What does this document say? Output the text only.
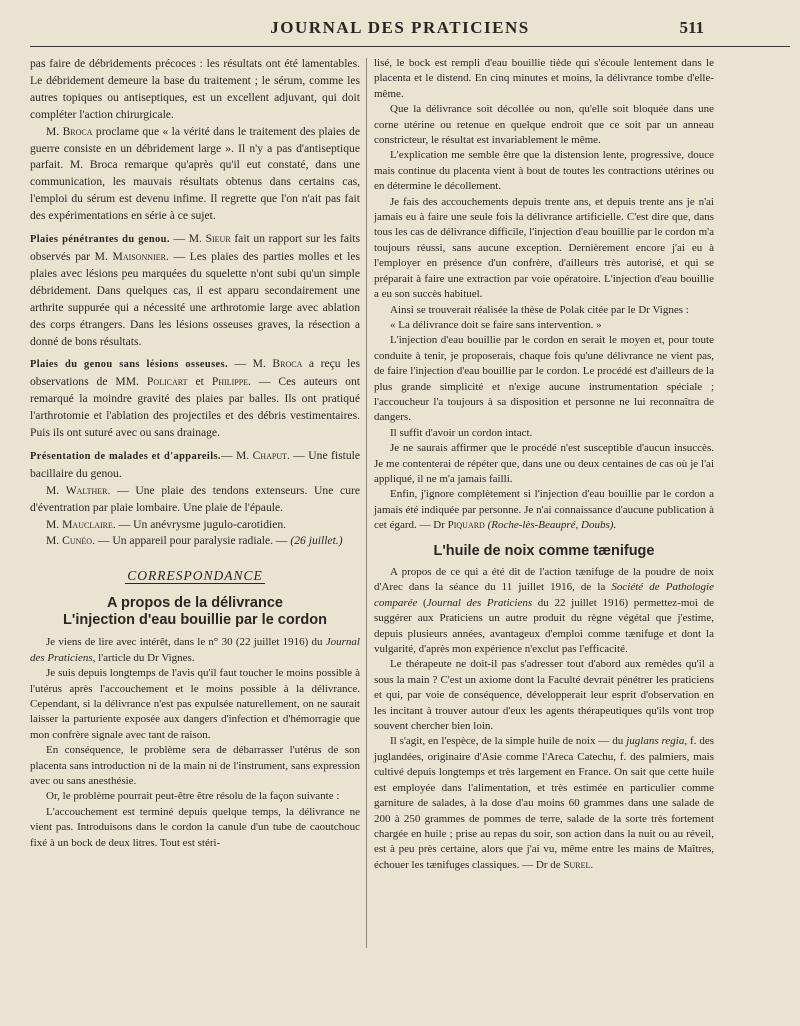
JOURNAL DES PRATICIENS	511

pas faire de débridements précoces : les résultats ont été lamentables. Le débridement demeure la base du traitement ; le sérum, comme les autres topiques ou antiseptiques, est un excellent adjuvant, qui doit compléter l'action chirurgicale.

M. Broca proclame que « la vérité dans le traitement des plaies de guerre consiste en un débridement large ». Il n'y a pas d'antiseptique parfait. M. Broca remarque qu'après qu'il eut constaté, dans une communication, les mauvais résultats obtenus dans certains cas, l'emploi du sérum est devenu infime. Il regrette que l'on n'ait pas fait des expérimentations en série à ce sujet.

Plaies pénétrantes du genou. — M. Sieur fait un rapport sur les faits observés par M. Maisonnier. — Les plaies des parties molles et les plaies avec lésions peu marquées du squelette n'ont subi qu'un simple débridement. Dans quelques cas, il est apparu secondairement une arthrite suppurée qui a nécessité une arthrotomie large avec ablation des corps étrangers. Dans les lésions osseuses graves, la résection a donné de bons résultats.

Plaies du genou sans lésions osseuses. — M. Broca a reçu les observations de MM. Policart et Philippe. — Ces auteurs ont remarqué la moindre gravité des plaies par balles. Ils ont pratiqué l'arthrotomie et l'ablation des projectiles et des débris vestimentaires. Puis ils ont suturé avec ou sans drainage.

Présentation de malades et d'appareils.— M. Chaput. — Une fistule bacillaire du genou.

M. Walther. — Une plaie des tendons extenseurs. Une cure d'éventration par plaie lombaire. Une plaie de l'épaule.

M. Mauclaire. — Un anévrysme jugulo-carotidien.

M. Cunéo. — Un appareil pour paralysie radiale. — (26 juillet.)

CORRESPONDANCE
A propos de la délivrance
L'injection d'eau bouillie par le cordon

Je viens de lire avec intérêt, dans le n° 30 (22 juillet 1916) du Journal des Praticiens, l'article du Dr Vignes.

Je suis depuis longtemps de l'avis qu'il faut toucher le moins possible à l'utérus après l'accouchement et le moins possible à la délivrance. Cependant, si la délivrance n'est pas expulsée naturellement, on ne saurait laisser la parturiente exposée aux dangers d'infection et d'hémorragie que mon confrère signale avec tant de raison.

En conséquence, le problème sera de débarrasser l'utérus de son placenta sans introduction ni de la main ni de l'instrument, sans expression avec ou sans anesthésie.

Or, le problème pourrait peut-être être résolu de la façon suivante :

L'accouchement est terminé depuis quelque temps, la délivrance ne vient pas. Introduisons dans le cordon la canule d'un tube de caoutchouc fixé à un bock de deux litres. Tout est stéri-

lisé, le bock est rempli d'eau bouillie tiède qui s'écoule lentement dans le placenta et le distend. En cinq minutes et moins, la délivrance tombe d'elle-même.

Que la délivrance soit décollée ou non, qu'elle soit bloquée dans une corne utérine ou retenue en quelque endroit que ce soit par un anneau constricteur, le résultat est invariablement le même.

L'explication me semble être que la distension lente, progressive, douce mais continue du placenta vient à bout de toutes les contractions utérines ou en détermine le décollement.

Je fais des accouchements depuis trente ans, et depuis trente ans je n'ai jamais eu à faire une seule fois la délivrance artificielle. C'est dire que, dans tous les cas de délivrance difficile, l'injection d'eau bouillie par le cordon m'a toujours réussi, sans aucune exception. Dernièrement encore j'ai eu à l'employer en présence d'un confrère, d'ailleurs très autorisé, et qui se préparait à faire une extraction par voie opératoire. L'injection d'eau bouillie a eu son succès habituel.

Ainsi se trouverait réalisée la thèse de Polak citée par le Dr Vignes :

« La délivrance doit se faire sans intervention. »

L'injection d'eau bouillie par le cordon en serait le moyen et, pour toute conduite à tenir, je proposerais, chaque fois qu'une délivrance ne vient pas, de faire l'injection d'eau bouillie par le cordon. Le procédé est d'ailleurs de la plus grande simplicité et n'exige aucune instrumentation spéciale ; l'accoucheur l'a toujours à sa disposition et personne ne lui reconnaîtra de dangers.

Il suffit d'avoir un cordon intact.

Je ne saurais affirmer que le procédé n'est susceptible d'aucun insuccès. Je me contenterai de répéter que, dans une ou deux centaines de cas où je l'ai appliqué, il ne m'a jamais failli.

Enfin, j'ignore complètement si l'injection d'eau bouillie par le cordon a jamais été indiquée par personne. Je n'ai connaissance d'aucune publication à cet égard. — Dr Piquard (Roche-lès-Beaupré, Doubs).

L'huile de noix comme tænifuge

A propos de ce qui a été dit de l'action tænifuge de la poudre de noix d'Arec dans la séance du 11 juillet 1916, de la Société de Pathologie comparée (Journal des Praticiens du 22 juillet 1916) permettez-moi de suggérer aux Praticiens un autre produit du règne végétal que j'estime, depuis plusieurs années, avantageux d'emploi comme tænifuge et dont la vulgarité, d'après mon expérience n'exclut pas l'efficacité.

Le thérapeute ne doit-il pas s'adresser tout d'abord aux remèdes qu'il a sous la main ? C'est un axiome dont la Faculté devrait pénétrer les praticiens et qui, par voie de conséquence, développerait leur esprit d'observation en les incitant à trouver autour d'eux les agents thérapeutiques qu'ils vont trop souvent chercher bien loin.

Il s'agit, en l'espèce, de la simple huile de noix — du juglans regia, f. des juglandées, originaire d'Asie comme l'Areca Catechu, f. des palmiers, mais cultivé depuis longtemps et très largement en France. On sait que cette huile est employée dans l'alimentation, et très estimée en particulier comme garniture de salades, à la dose d'au moins 60 grammes dans une salade de 200 à 250 grammes de pommes de terre, salade de la sorte très fortement chargée en huile ; prise au repas du soir, son action dans la nuit ou au réveil, est à peu près certaine, alors que j'ai vu, même entre les mains de Maîtres, échouer les tænifuges classiques. — Dr de Surel.
